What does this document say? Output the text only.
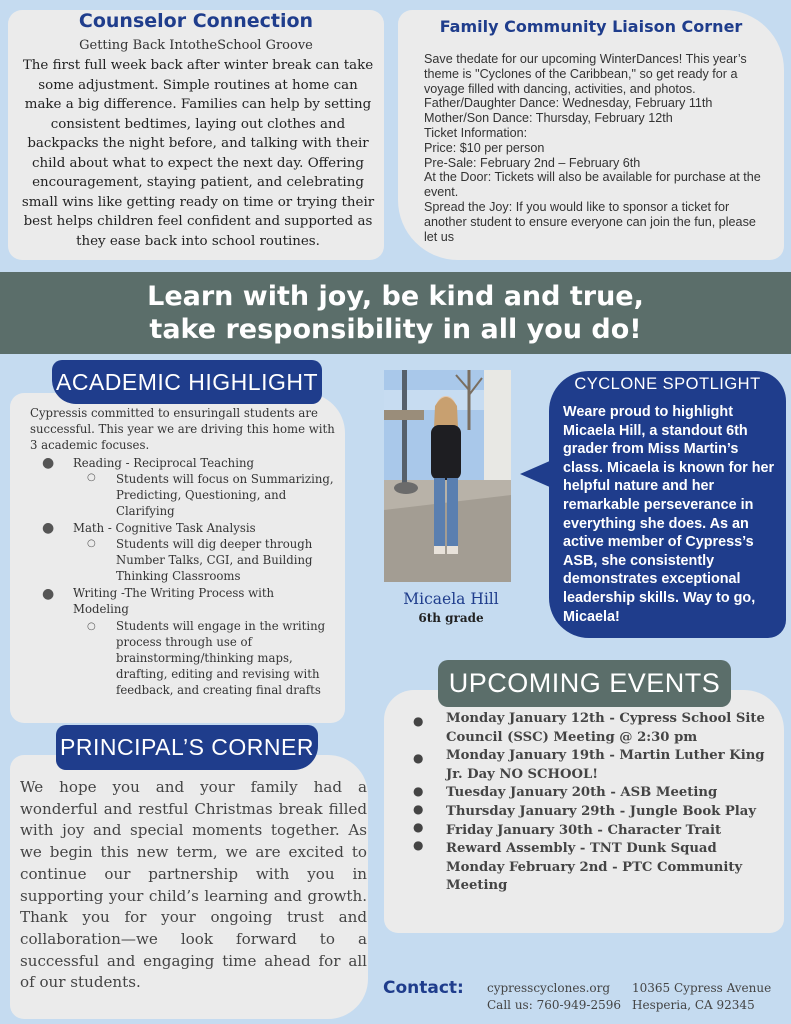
Counselor Connection
Getting Back IntotheSchool Groove
The first full week back after winter break can take some adjustment. Simple routines at home can make a big difference. Families can help by setting consistent bedtimes, laying out clothes and backpacks the night before, and talking with their child about what to expect the next day. Offering encouragement, staying patient, and celebrating small wins like getting ready on time or trying their best helps children feel confident and supported as they ease back into school routines.
Family Community Liaison Corner
Save thedate for our upcoming WinterDances! This year’s theme is "Cyclones of the Caribbean," so get ready for a voyage filled with dancing, activities, and photos.
Father/Daughter Dance: Wednesday, February 11th
Mother/Son Dance: Thursday, February 12th
Ticket Information:
Price: $10 per person
Pre-Sale: February 2nd – February 6th
At the Door: Tickets will also be available for purchase at the event.
Spread the Joy: If you would like to sponsor a ticket for another student to ensure everyone can join the fun, please let us
Learn with joy, be kind and true,
take responsibility in all you do!
ACADEMIC HIGHLIGHT
Cypressis committed to ensuringall students are successful. This year we are driving this home with 3 academic focuses.
● Reading - Reciprocal Teaching
○ Students will focus on Summarizing, Predicting, Questioning, and Clarifying
● Math - Cognitive Task Analysis
○ Students will dig deeper through Number Talks, CGI, and Building Thinking Classrooms
● Writing -The Writing Process with Modeling
○ Students will engage in the writing process through use of brainstorming/thinking maps, drafting, editing and revising with feedback, and creating final drafts
Micaela Hill
6th grade
CYCLONE SPOTLIGHT
Weare proud to highlight Micaela Hill, a standout 6th grader from Miss Martin’s class. Micaela is known for her helpful nature and her remarkable perseverance in everything she does. As an active member of Cypress’s ASB, she consistently demonstrates exceptional leadership skills. Way to go, Micaela!
PRINCIPAL’S CORNER
We hope you and your family had a wonderful and restful Christmas break filled with joy and special moments together. As we begin this new term, we are excited to continue our partnership with you in supporting your child’s learning and growth. Thank you for your ongoing trust and collaboration—we look forward to a successful and engaging time ahead for all of our students.
UPCOMING EVENTS
Monday January 12th - Cypress School Site Council (SSC) Meeting @ 2:30 pm
Monday January 19th - Martin Luther King Jr. Day NO SCHOOL!
Tuesday January 20th - ASB Meeting
Thursday January 29th - Jungle Book Play
Friday January 30th - Character Trait Reward Assembly - TNT Dunk Squad
Monday February 2nd - PTC Community Meeting
●
●
●
●
●
●
Contact: cypresscyclones.org
Call us: 760-949-2596
10365 Cypress Avenue
Hesperia, CA 92345
